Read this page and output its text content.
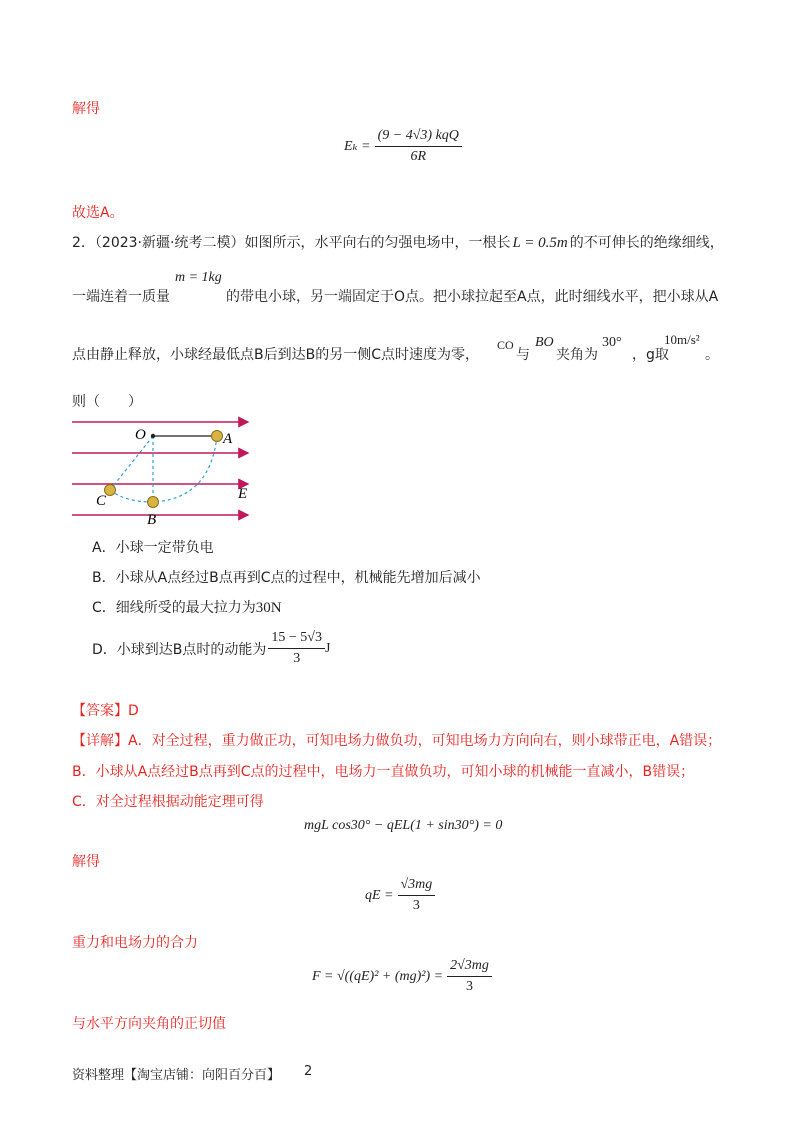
解得
$E_k = \frac{\text{(9 − 4√3) kqQ}}{6R}$
故选A。
2．（2023·新疆·统考二模）如图所示，水平向右的匀强电场中，一根长 L = 0.5m 的不可伸长的绝缘细线，
m = 1kg
一端连着一质量	的带电小球，另一端固定于O点。把小球拉起至A点，此时细线水平，把小球从A
点由静止释放，小球经最低点B后到达B的另一侧C点时速度为零，
CO
与
BO
夹角为
30°
，g取
10m/s²
。
则（　　）
O	A
B
C	E
A．小球一定带负电
B．小球从A点经过B点再到C点的过程中，机械能先增加后减小
C．细线所受的最大拉力为30N
D． 小球到达B点时的动能为 $\frac{15 - 5√3}{3}$ J
【答案】D
【详解】A．对全过程，重力做正功，可知电场力做负功，可知电场力方向向右，则小球带正电，A错误；
B．小球从A点经过B点再到C点的过程中，电场力一直做负功，可知小球的机械能一直减小，B错误；
C．对全过程根据动能定理可得
mgL cos30° − qEL(1 + sin30°) = 0
解得
qE = $\frac{√3mg}{3}$
重力和电场力的合力
$F = √((qE)^2 + (mg)^2) = \frac{2√3mg}{3}$
与水平方向夹角的正切值
资料整理【淘宝店铺：向阳百分百】 2
